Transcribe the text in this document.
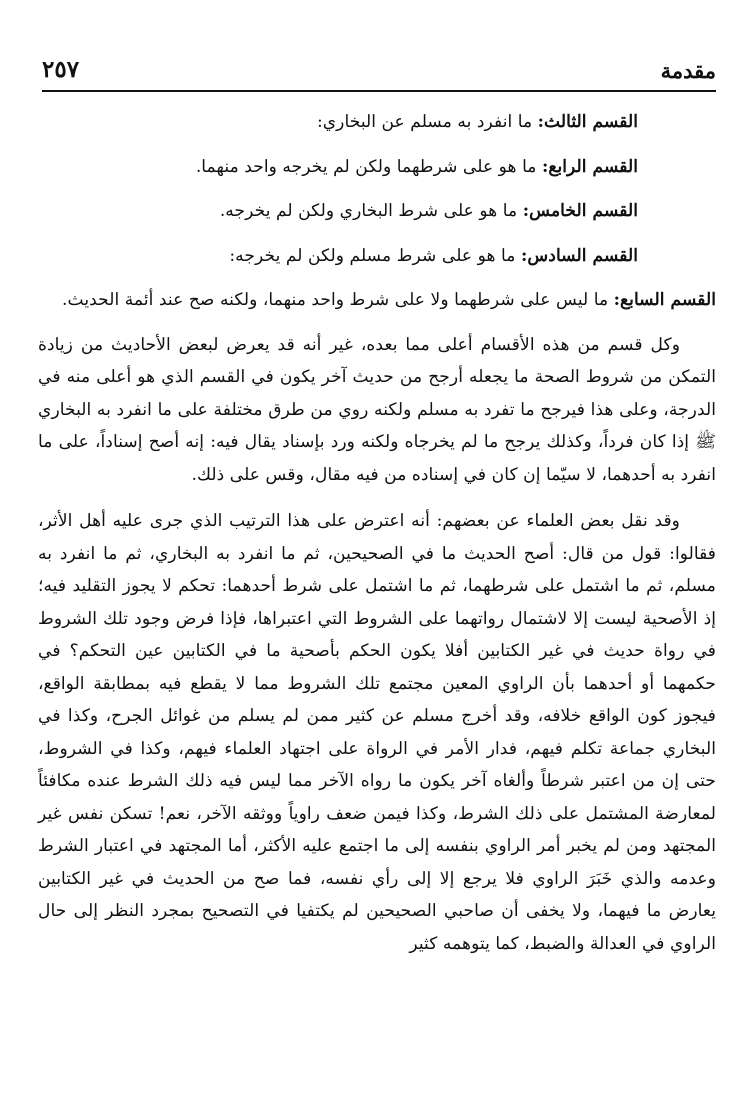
مقدمة
٢٥٧
القسم الثالث: ما انفرد به مسلم عن البخاري:
القسم الرابع: ما هو على شرطهما ولكن لم يخرجه واحد منهما.
القسم الخامس: ما هو على شرط البخاري ولكن لم يخرجه.
القسم السادس: ما هو على شرط مسلم ولكن لم يخرجه:
القسم السابع: ما ليس على شرطهما ولا على شرط واحد منهما، ولكنه صح عند أئمة الحديث.

وكل قسم من هذه الأقسام أعلى مما بعده، غير أنه قد يعرض لبعض الأحاديث من زيادة التمكن من شروط الصحة ما يجعله أرجح من حديث آخر يكون في القسم الذي هو أعلى منه في الدرجة، وعلى هذا فيرجح ما تفرد به مسلم ولكنه روي من طرق مختلفة على ما انفرد به البخاري ﷺ إذا كان فرداً، وكذلك يرجح ما لم يخرجاه ولكنه ورد بإسناد يقال فيه: إنه أصح إسناداً، على ما انفرد به أحدهما، لا سيّما إن كان في إسناده من فيه مقال، وقس على ذلك.

وقد نقل بعض العلماء عن بعضهم: أنه اعترض على هذا الترتيب الذي جرى عليه أهل الأثر، فقالوا: قول من قال: أصح الحديث ما في الصحيحين، ثم ما انفرد به البخاري، ثم ما انفرد به مسلم، ثم ما اشتمل على شرطهما، ثم ما اشتمل على شرط أحدهما: تحكم لا يجوز التقليد فيه؛ إذ الأصحية ليست إلا لاشتمال رواتهما على الشروط التي اعتبراها، فإذا فرض وجود تلك الشروط في رواة حديث في غير الكتابين أفلا يكون الحكم بأصحية ما في الكتابين عين التحكم؟ في حكمهما أو أحدهما بأن الراوي المعين مجتمع تلك الشروط مما لا يقطع فيه بمطابقة الواقع، فيجوز كون الواقع خلافه، وقد أخرج مسلم عن كثير ممن لم يسلم من غوائل الجرح، وكذا في البخاري جماعة تكلم فيهم، فدار الأمر في الرواة على اجتهاد العلماء فيهم، وكذا في الشروط، حتى إن من اعتبر شرطاً وألغاه آخر يكون ما رواه الآخر مما ليس فيه ذلك الشرط عنده مكافئاً لمعارضة المشتمل على ذلك الشرط، وكذا فيمن ضعف راوياً ووثقه الآخر، نعم! تسكن نفس غير المجتهد ومن لم يخبر أمر الراوي بنفسه إلى ما اجتمع عليه الأكثر، أما المجتهد في اعتبار الشرط وعدمه والذي خَبَرَ الراوي فلا يرجع إلا إلى رأي نفسه، فما صح من الحديث في غير الكتابين يعارض ما فيهما، ولا يخفى أن صاحبي الصحيحين لم يكتفيا في التصحيح بمجرد النظر إلى حال الراوي في العدالة والضبط، كما يتوهمه كثير
